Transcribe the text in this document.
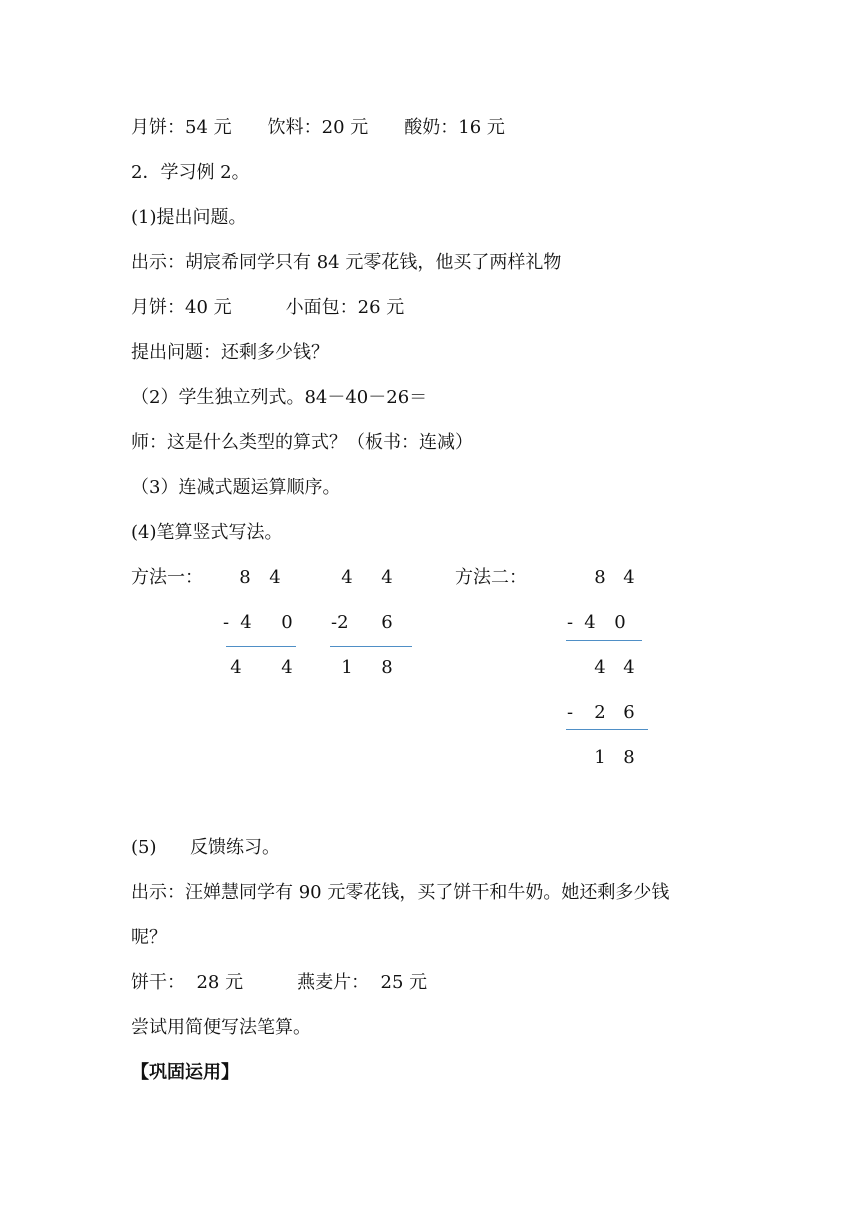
月饼：54 元　　饮料：20 元　　酸奶：16 元
2．学习例 2。
(1)提出问题。
出示：胡宸希同学只有 84 元零花钱，他买了两样礼物
月饼：40 元　　　小面包：26 元
提出问题：还剩多少钱？
（2）学生独立列式。84－40－26＝
师：这是什么类型的算式？（板书：连减）
（3）连减式题运算顺序。
(4)笔算竖式写法。
方法一： 8 4
- 4 0
4 4
4 4
-2 6
1 8
方法二：	8 4
- 4 0
4 4
-	2 6
1 8
(5) 反馈练习。
出示：汪婵慧同学有 90 元零花钱，买了饼干和牛奶。她还剩多少钱
呢？
饼干：  28 元　　　燕麦片：  25 元
尝试用简便写法笔算。
【巩固运用】
